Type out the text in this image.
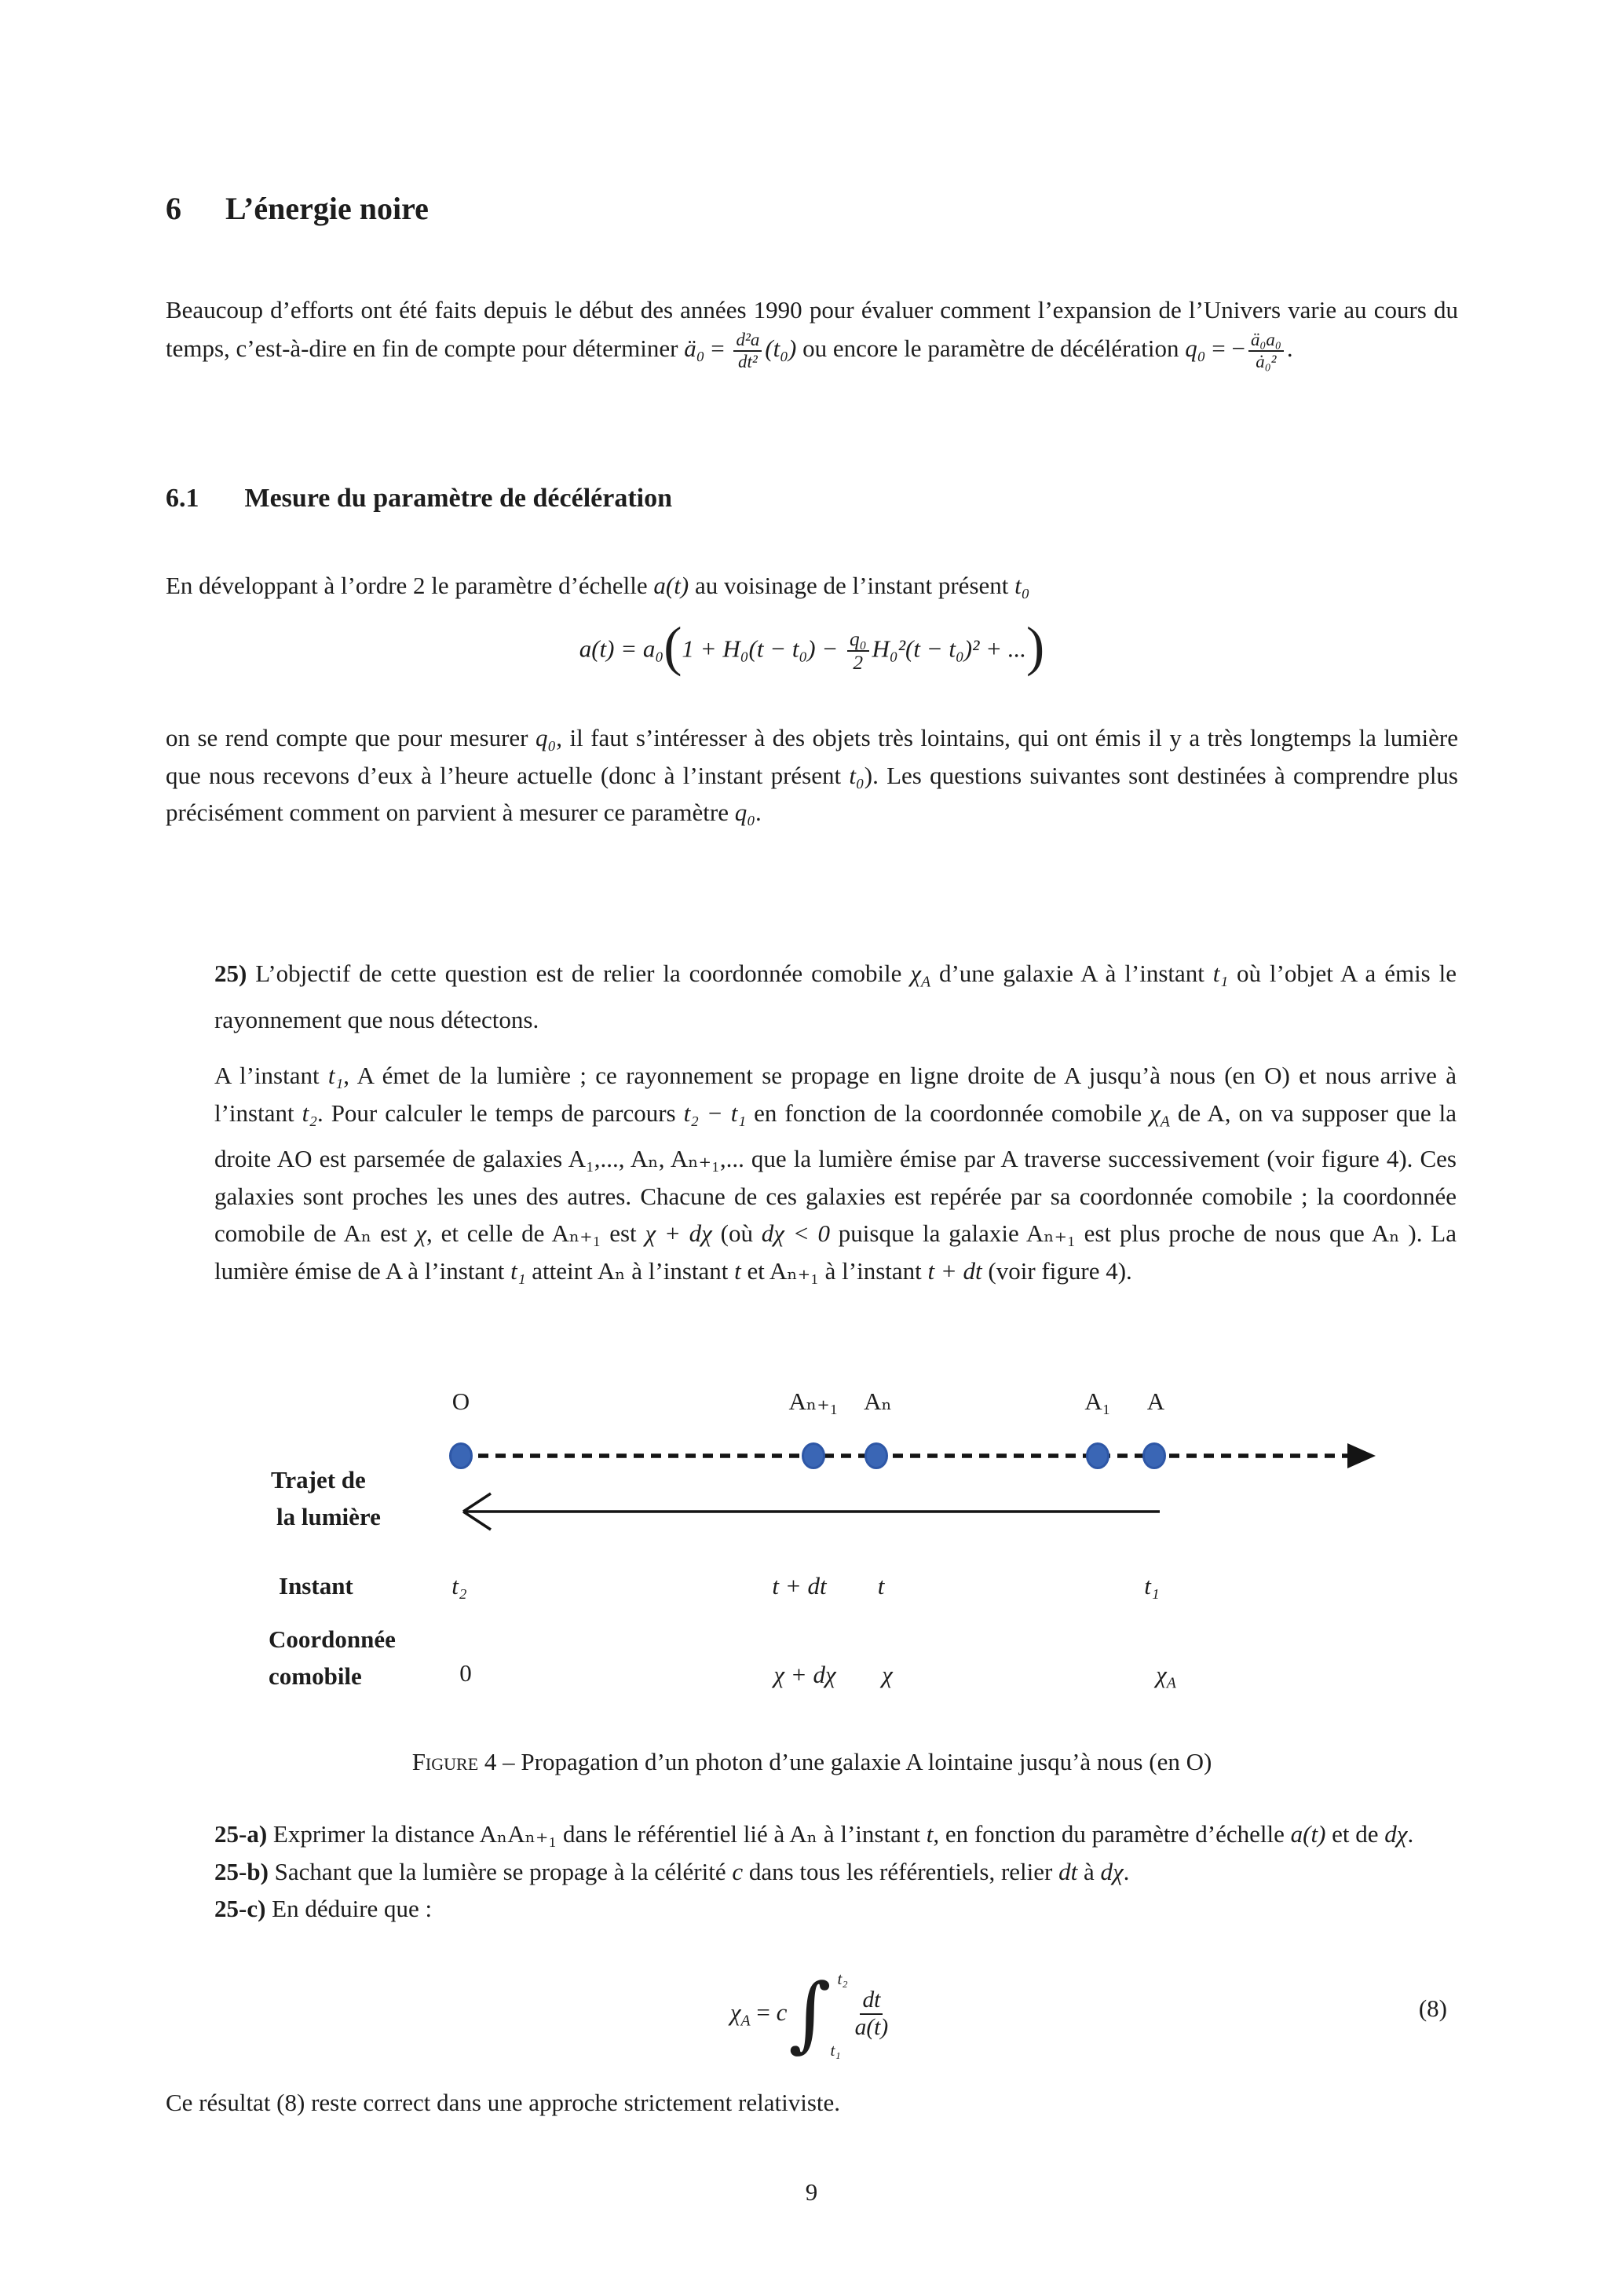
6 L’énergie noire

Beaucoup d’efforts ont été faits depuis le début des années 1990 pour évaluer comment l’expansion de l’Univers varie au cours du temps, c’est-à-dire en fin de compte pour déterminer ä₀ = $\frac{\text{d²a}}{\text{dt²}} (t_0)$ ou encore le paramètre de décélération q₀ = − $\frac{\text{ä₀a₀}}{\text{ȧ₀²}}$ .

6.1 Mesure du paramètre de décélération

En développant à l’ordre 2 le paramètre d’échelle a(t) au voisinage de l’instant présent t₀

$a(t) = a_0(1 + H_0(t - t_0) - \frac{\text{q₀}}{2} H_0^2(t - t_0)^2$ + ...)

on se rend compte que pour mesurer q₀, il faut s’intéresser à des objets très lointains, qui ont émis il y a très longtemps la lumière que nous recevons d’eux à l’heure actuelle (donc à l’instant présent t₀). Les questions suivantes sont destinées à comprendre plus précisément comment on parvient à mesurer ce paramètre q₀.

25) L’objectif de cette question est de relier la coordonnée comobile $\chi_A$ d’une galaxie A à l’instant t₁ où l’objet A a émis le rayonnement que nous détectons.

A l’instant t₁, A émet de la lumière ; ce rayonnement se propage en ligne droite de A jusqu’à nous (en O) et nous arrive à l’instant t₂. Pour calculer le temps de parcours t₂ − t₁ en fonction de la coordonnée comobile $\chi_A$ de A, on va supposer que la droite AO est parsemée de galaxies A₁,..., Aₙ, Aₙ₊₁,... que la lumière émise par A traverse successivement (voir figure 4). Ces galaxies sont proches les unes des autres. Chacune de ces galaxies est repérée par sa coordonnée comobile ; la coordonnée comobile de Aₙ est χ, et celle de Aₙ₊₁ est χ + dχ (où dχ < 0 puisque la galaxie Aₙ₊₁ est plus proche de nous que Aₙ ). La lumière émise de A à l’instant t₁ atteint Aₙ à l’instant t et Aₙ₊₁ à l’instant t + dt (voir figure 4).

O	Aₙ₊₁ Aₙ	A₁ A
Trajet de
la lumière
Instant	t₂	t + dt t	t₁
Coordonnée
comobile	0	χ + dχ χ	$\chi_A$
Figure 4 – Propagation d’un photon d’une galaxie A lointaine jusqu’à nous (en O)

25-a) Exprimer la distance AₙAₙ₊₁ dans le référentiel lié à Aₙ à l’instant t, en fonction du paramètre d’échelle a(t) et de dχ.

25-b) Sachant que la lumière se propage à la célérité c dans tous les référentiels, relier dt à dχ.

25-c) En déduire que :

$\chi_A = c$ ∫ t₂
t₁
$\frac{dt}{a(t)}$	(8)

Ce résultat (8) reste correct dans une approche strictement relativiste.

9
